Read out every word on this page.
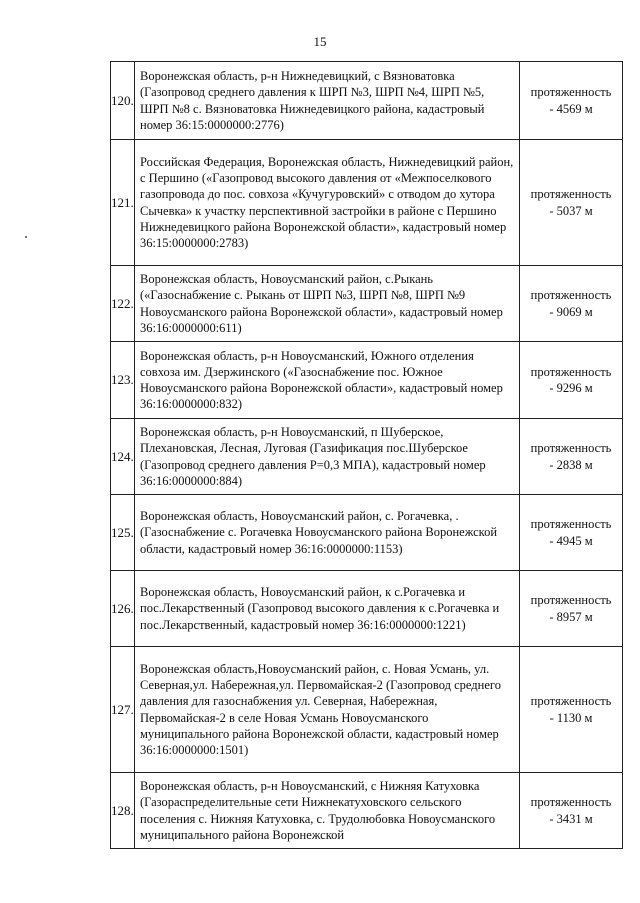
15
120.	Воронежская область, р-н Нижнедевицкий, с Вязноватовка (Газопровод среднего давления к ШРП №3, ШРП №4, ШРП №5, ШРП №8 с. Вязноватовка Нижнедевицкого района, кадастровый номер 36:15:0000000:2776)	протяженность
- 4569 м

121.	Российская Федерация, Воронежская область, Нижнедевицкий район, с Першино («Газопровод высокого давления от «Межпоселкового газопровода до пос. совхоза «Кучугуровский» с отводом до хутора Сычевка» к участку перспективной застройки в районе с Першино Нижнедевицкого района Воронежской области», кадастровый номер 36:15:0000000:2783)	протяженность
- 5037 м

122.	Воронежская область, Новоусманский район, с.Рыкань («Газоснабжение с. Рыкань от ШРП №3, ШРП №8, ШРП №9 Новоусманского района Воронежской области», кадастровый номер 36:16:0000000:611)	протяженность
- 9069 м

123.	Воронежская область, р-н Новоусманский, Южного отделения совхоза им. Дзержинского («Газоснабжение пос. Южное Новоусманского района Воронежской области», кадастровый номер 36:16:0000000:832)	протяженность
- 9296 м

124.	Воронежская область, р-н Новоусманский, п Шуберское, Плехановская, Лесная, Луговая (Газификация пос.Шуберское (Газопровод среднего давления Р=0,3 МПА), кадастровый номер 36:16:0000000:884)	протяженность
- 2838 м

125.	Воронежская область, Новоусманский район, с. Рогачевка, . (Газоснабжение с. Рогачевка Новоусманского района Воронежской области, кадастровый номер 36:16:0000000:1153)	протяженность
- 4945 м

126.	Воронежская область, Новоусманский район, к с.Рогачевка и пос.Лекарственный (Газопровод высокого давления к с.Рогачевка и пос.Лекарственный, кадастровый номер 36:16:0000000:1221)	протяженность
- 8957 м

127.	Воронежская область,Новоусманский район, с. Новая Усмань, ул. Северная,ул. Набережная,ул. Первомайская-2 (Газопровод среднего давления для газоснабжения ул. Северная, Набережная, Первомайская-2 в селе Новая Усмань Новоусманского муниципального района Воронежской области, кадастровый номер 36:16:0000000:1501)	протяженность
- 1130 м

128.	Воронежская область, р-н Новоусманский, с Нижняя Катуховка (Газораспределительные сети Нижнекатуховского сельского поселения с. Нижняя Катуховка, с. Трудолюбовка Новоусманского муниципального района Воронежской	протяженность
- 3431 м
